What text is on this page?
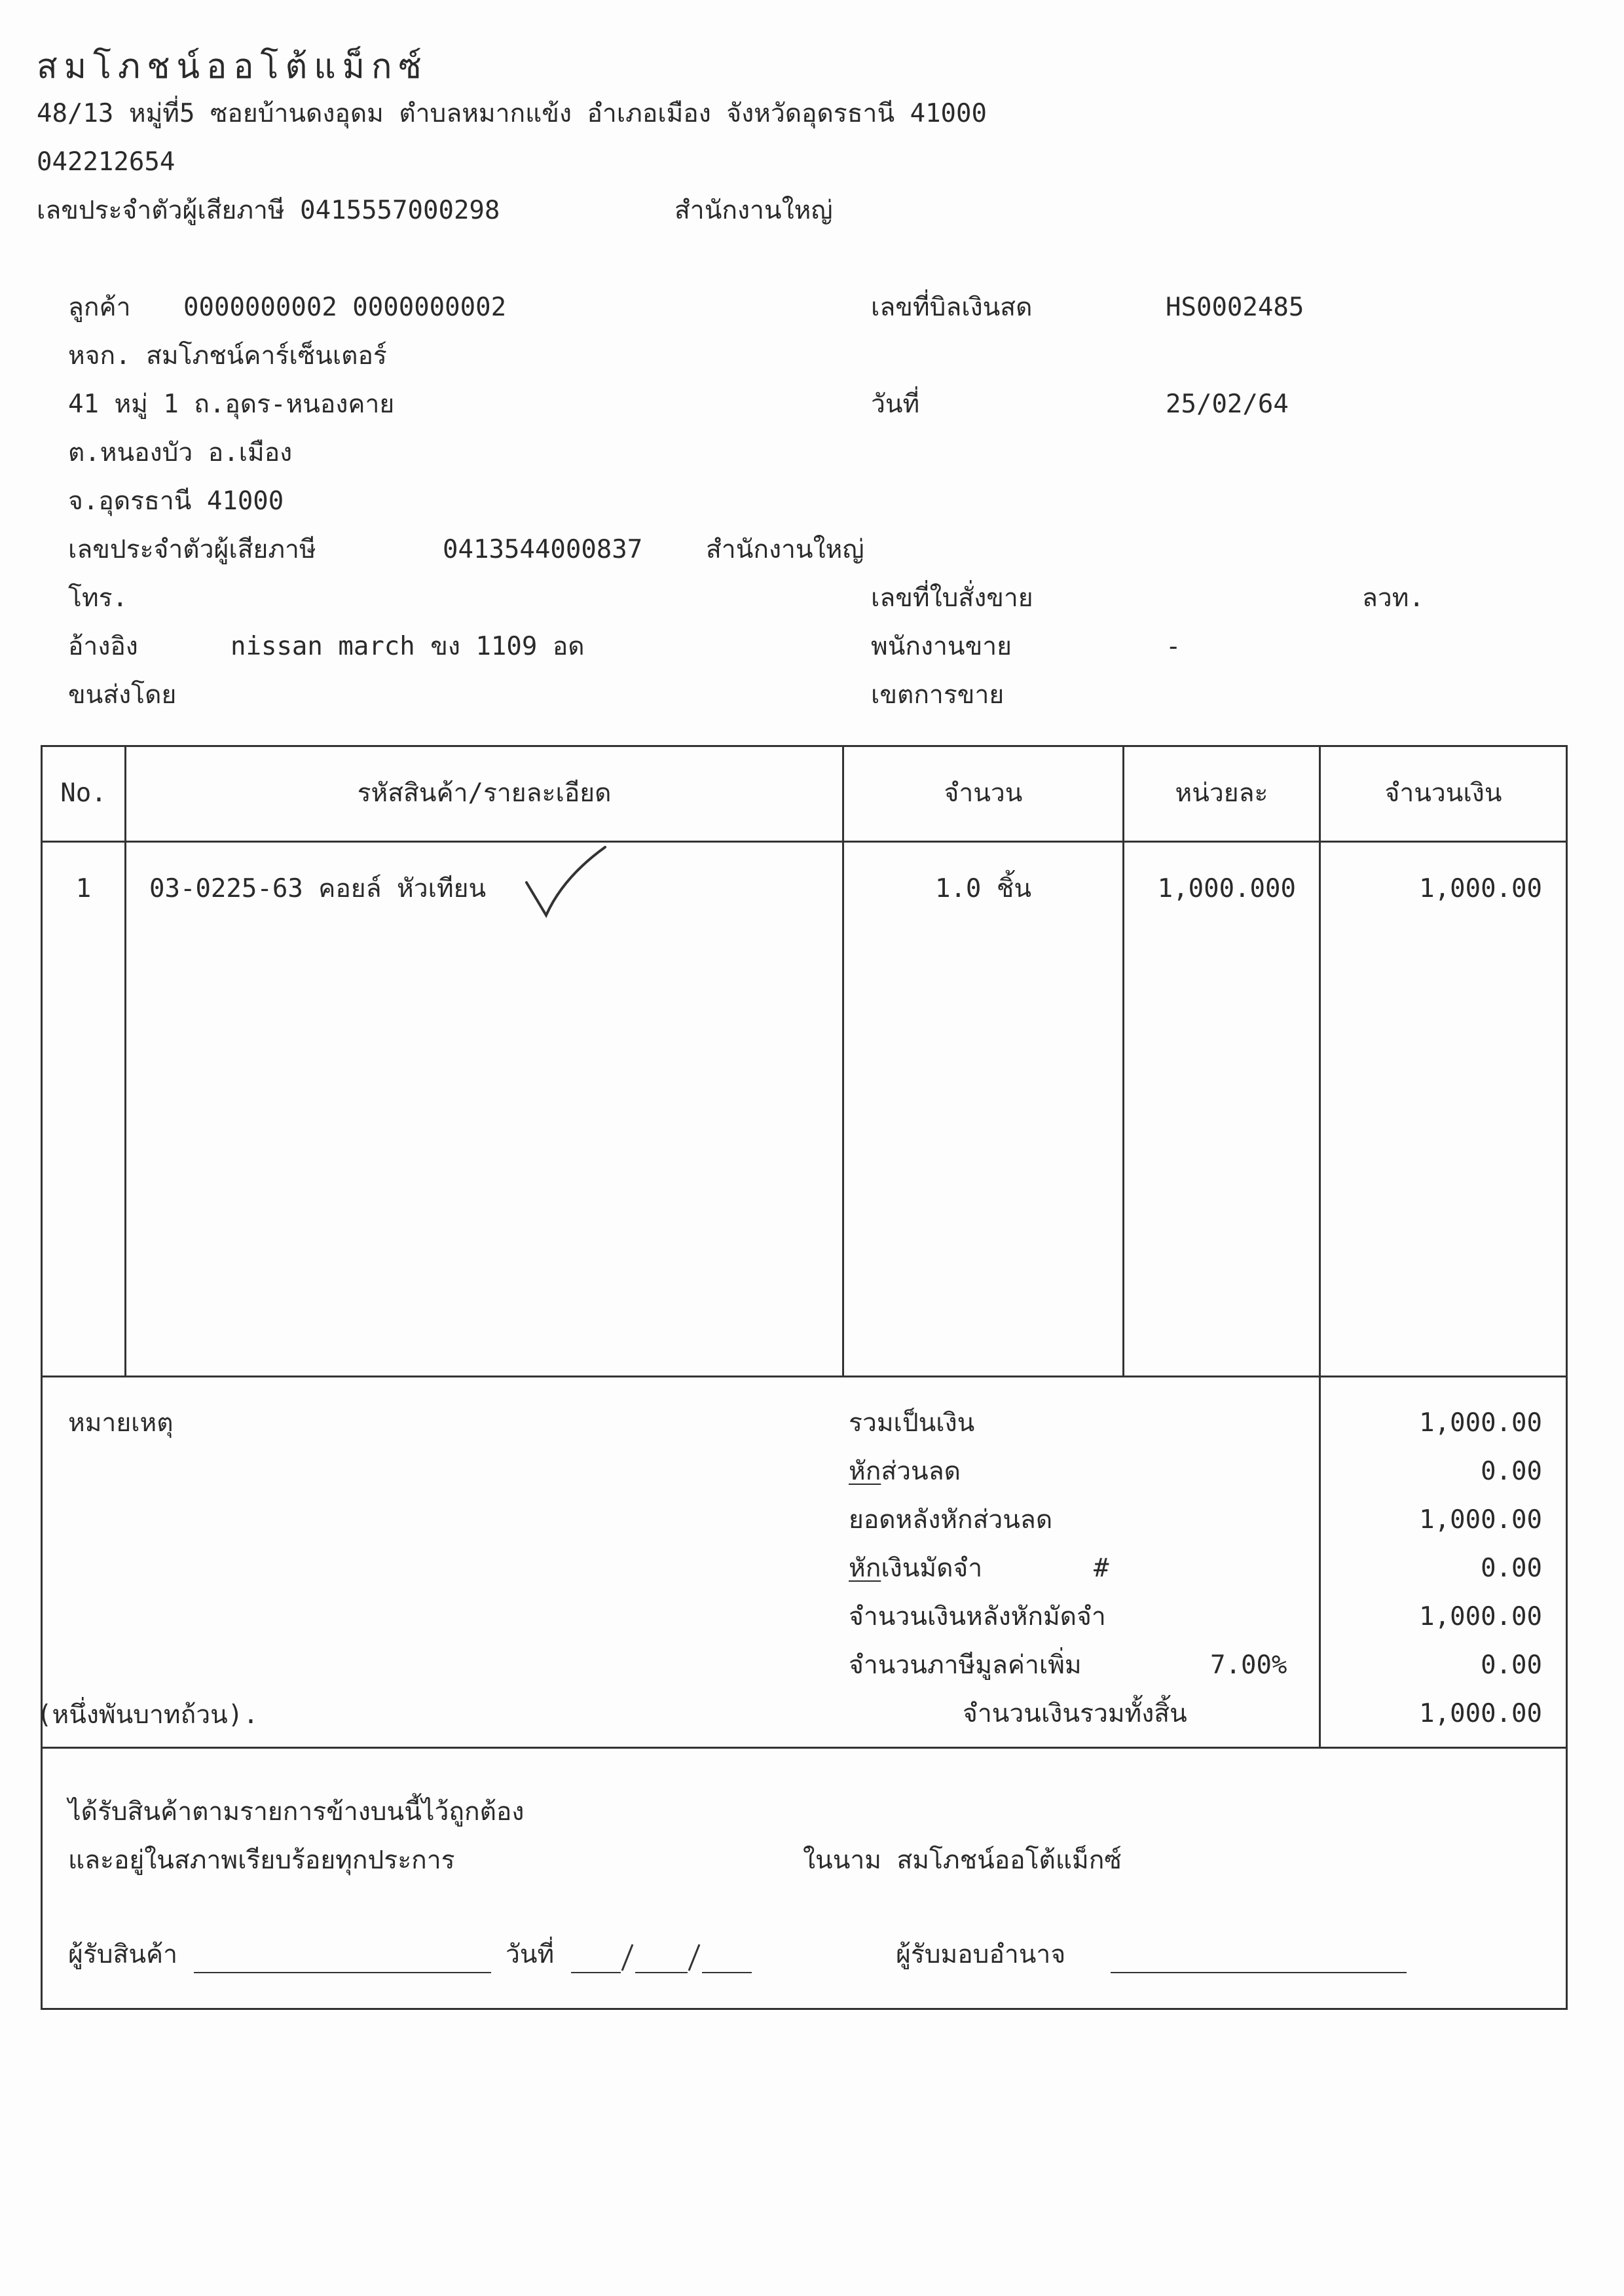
สมโภชน์ออโต้แม็กซ์
48/13 หมู่ที่5 ซอยบ้านดงอุดม ตำบลหมากแข้ง อำเภอเมือง จังหวัดอุดรธานี 41000
042212654
เลขประจำตัวผู้เสียภาษี 0415557000298	สำนักงานใหญ่
ลูกค้า 0000000002 0000000002
หจก. สมโภชน์คาร์เซ็นเตอร์
41 หมู่ 1 ถ.อุดร-หนองคาย
ต.หนองบัว อ.เมือง
จ.อุดรธานี 41000
เลขประจำตัวผู้เสียภาษี	0413544000837 สำนักงานใหญ่
โทร.
อ้างอิง	nissan march ขง 1109 อด
ขนส่งโดย
เลขที่บิลเงินสด	HS0002485
วันที่	25/02/64
เลขที่ใบสั่งขาย	ลวท.
พนักงานขาย	-
เขตการขาย
No.	รหัสสินค้า/รายละเอียด	จำนวน	หน่วยละ	จำนวนเงิน
1	03-0225-63 คอยล์ หัวเทียน	1.0 ชิ้น	1,000.000	1,000.00
หมายเหตุ
(หนึ่งพันบาทถ้วน).
รวมเป็นเงิน	1,000.00
หักส่วนลด	0.00
ยอดหลังหักส่วนลด	1,000.00
หักเงินมัดจำ	#	0.00
จำนวนเงินหลังหักมัดจำ	1,000.00
จำนวนภาษีมูลค่าเพิ่ม	7.00%	0.00
จำนวนเงินรวมทั้งสิ้น	1,000.00
ได้รับสินค้าตามรายการข้างบนนี้ไว้ถูกต้อง
และอยู่ในสภาพเรียบร้อยทุกประการ	ในนาม สมโภชน์ออโต้แม็กซ์
ผู้รับสินค้า	วันที่	ผู้รับมอบอำนาจ
